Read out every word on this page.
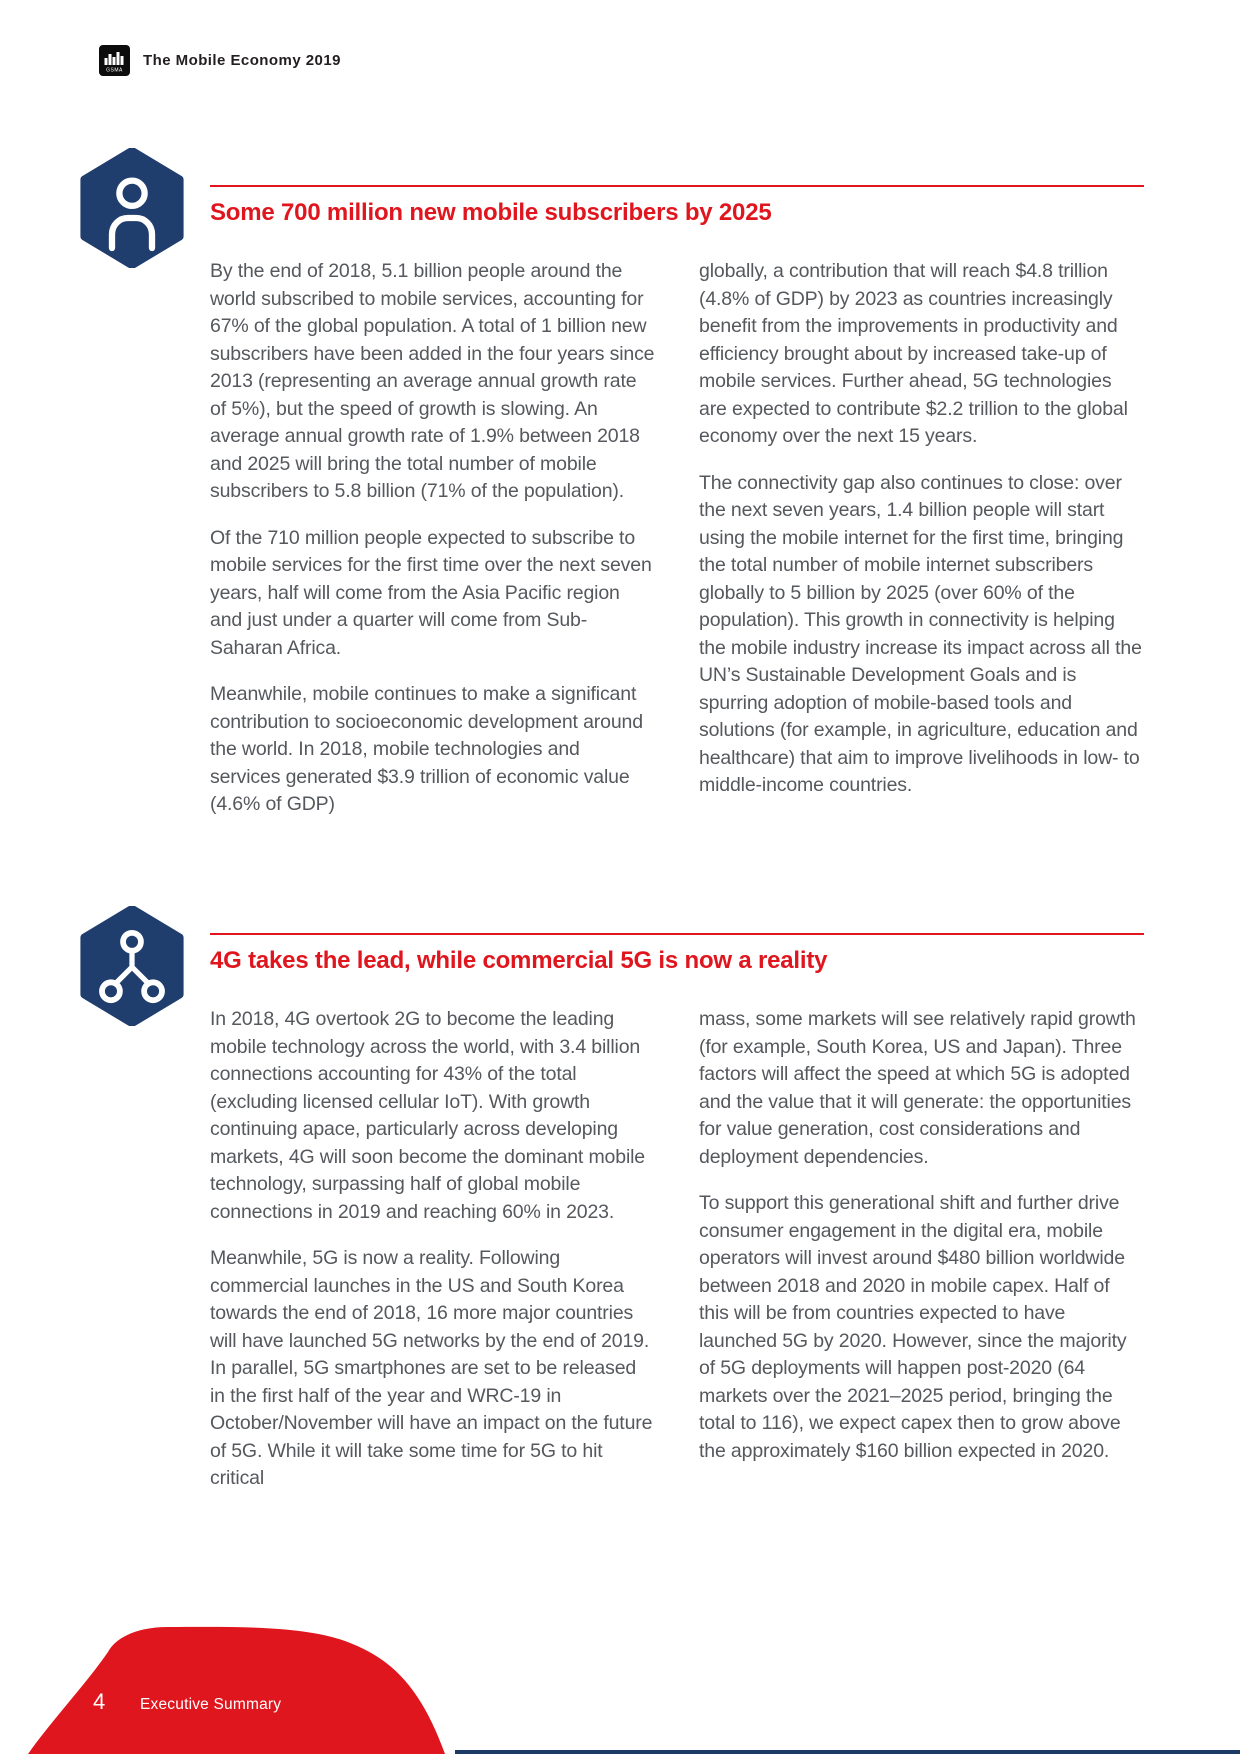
GSMA
The Mobile Economy 2019
Some 700 million new mobile subscribers by 2025

By the end of 2018, 5.1 billion people around the world subscribed to mobile services, accounting for 67% of the global population. A total of 1 billion new subscribers have been added in the four years since 2013 (representing an average annual growth rate of 5%), but the speed of growth is slowing. An average annual growth rate of 1.9% between 2018 and 2025 will bring the total number of mobile subscribers to 5.8 billion (71% of the population).

Of the 710 million people expected to subscribe to mobile services for the first time over the next seven years, half will come from the Asia Pacific region and just under a quarter will come from Sub-Saharan Africa.

Meanwhile, mobile continues to make a significant contribution to socioeconomic development around the world. In 2018, mobile technologies and services generated $3.9 trillion of economic value (4.6% of GDP)

globally, a contribution that will reach $4.8 trillion (4.8% of GDP) by 2023 as countries increasingly benefit from the improvements in productivity and efficiency brought about by increased take-up of mobile services. Further ahead, 5G technologies are expected to contribute $2.2 trillion to the global economy over the next 15 years.

The connectivity gap also continues to close: over the next seven years, 1.4 billion people will start using the mobile internet for the first time, bringing the total number of mobile internet subscribers globally to 5 billion by 2025 (over 60% of the population). This growth in connectivity is helping the mobile industry increase its impact across all the UN’s Sustainable Development Goals and is spurring adoption of mobile-based tools and solutions (for example, in agriculture, education and healthcare) that aim to improve livelihoods in low- to middle-income countries.

4G takes the lead, while commercial 5G is now a reality

In 2018, 4G overtook 2G to become the leading mobile technology across the world, with 3.4 billion connections accounting for 43% of the total (excluding licensed cellular IoT). With growth continuing apace, particularly across developing markets, 4G will soon become the dominant mobile technology, surpassing half of global mobile connections in 2019 and reaching 60% in 2023.

Meanwhile, 5G is now a reality. Following commercial launches in the US and South Korea towards the end of 2018, 16 more major countries will have launched 5G networks by the end of 2019. In parallel, 5G smartphones are set to be released in the first half of the year and WRC-19 in October/November will have an impact on the future of 5G. While it will take some time for 5G to hit critical

mass, some markets will see relatively rapid growth (for example, South Korea, US and Japan). Three factors will affect the speed at which 5G is adopted and the value that it will generate: the opportunities for value generation, cost considerations and deployment dependencies.

To support this generational shift and further drive consumer engagement in the digital era, mobile operators will invest around $480 billion worldwide between 2018 and 2020 in mobile capex. Half of this will be from countries expected to have launched 5G by 2020. However, since the majority of 5G deployments will happen post-2020 (64 markets over the 2021–2025 period, bringing the total to 116), we expect capex then to grow above the approximately $160 billion expected in 2020.

4	Executive Summary
